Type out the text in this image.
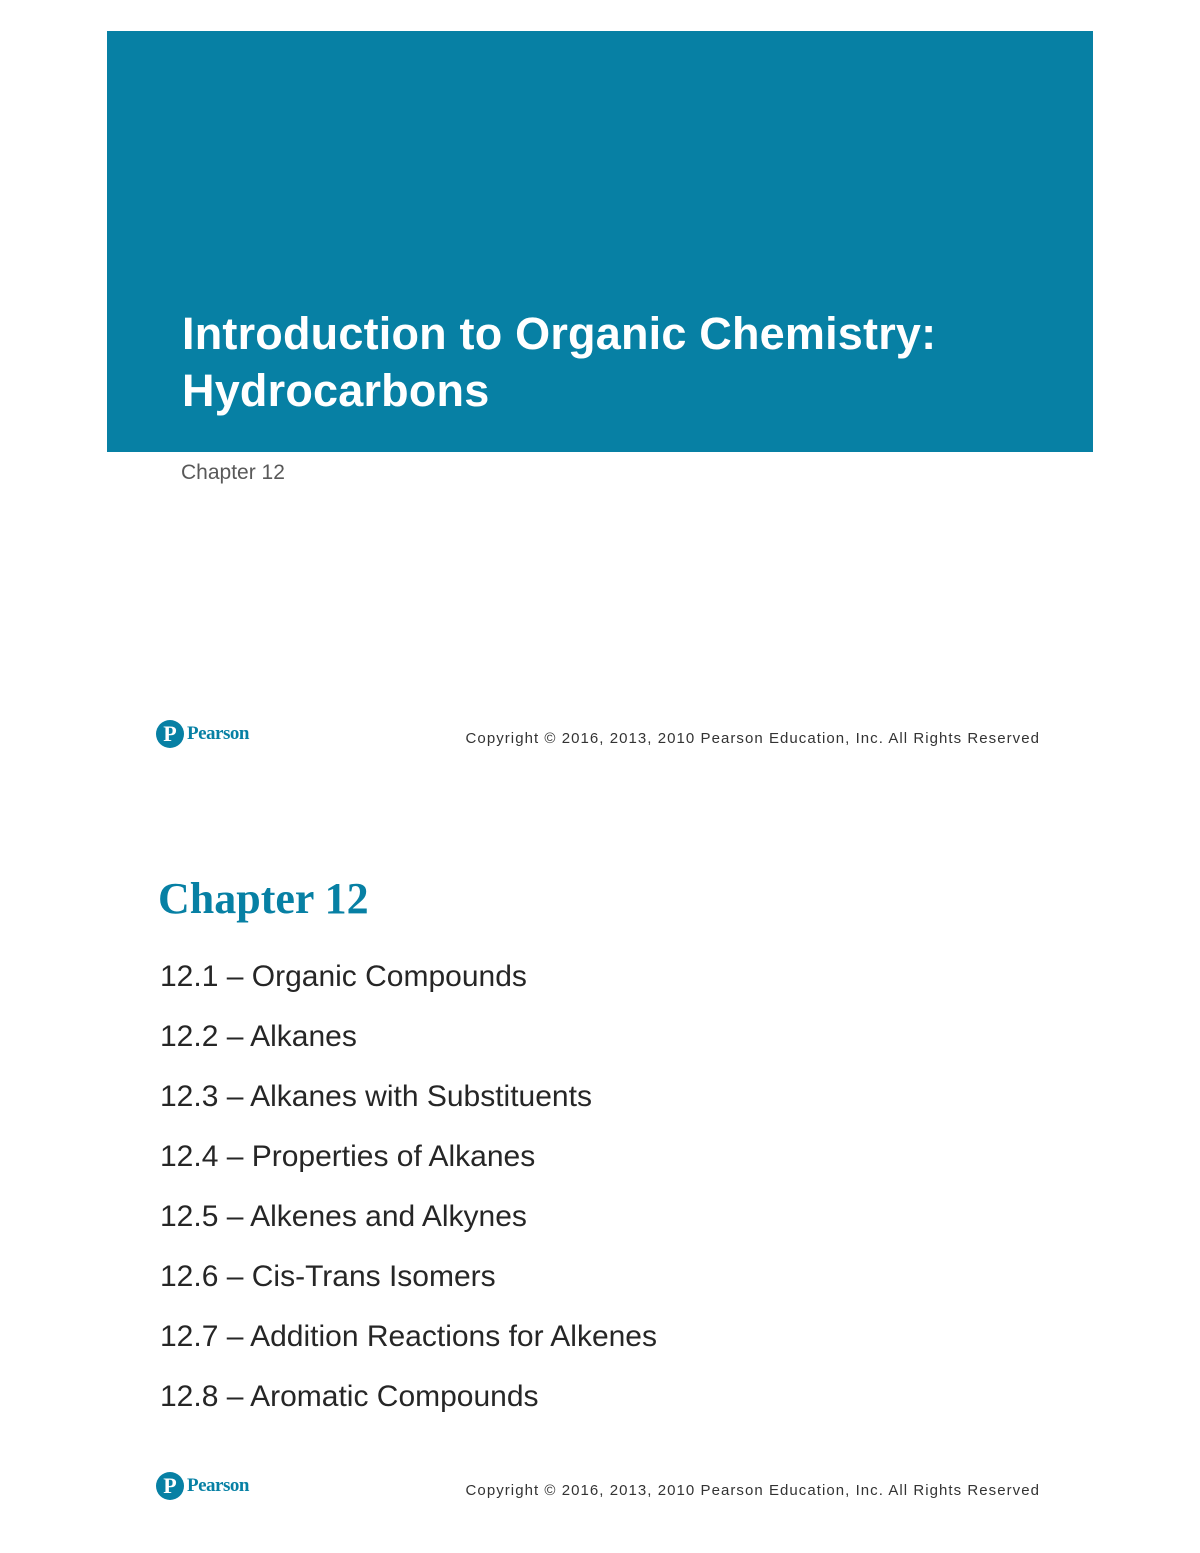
Introduction to Organic Chemistry:
Hydrocarbons
Chapter 12
P Pearson	Copyright © 2016, 2013, 2010 Pearson Education, Inc. All Rights Reserved
Chapter 12
12.1 – Organic Compounds
12.2 – Alkanes
12.3 – Alkanes with Substituents
12.4 – Properties of Alkanes
12.5 – Alkenes and Alkynes
12.6 – Cis-Trans Isomers
12.7 – Addition Reactions for Alkenes
12.8 – Aromatic Compounds
P Pearson	Copyright © 2016, 2013, 2010 Pearson Education, Inc. All Rights Reserved
